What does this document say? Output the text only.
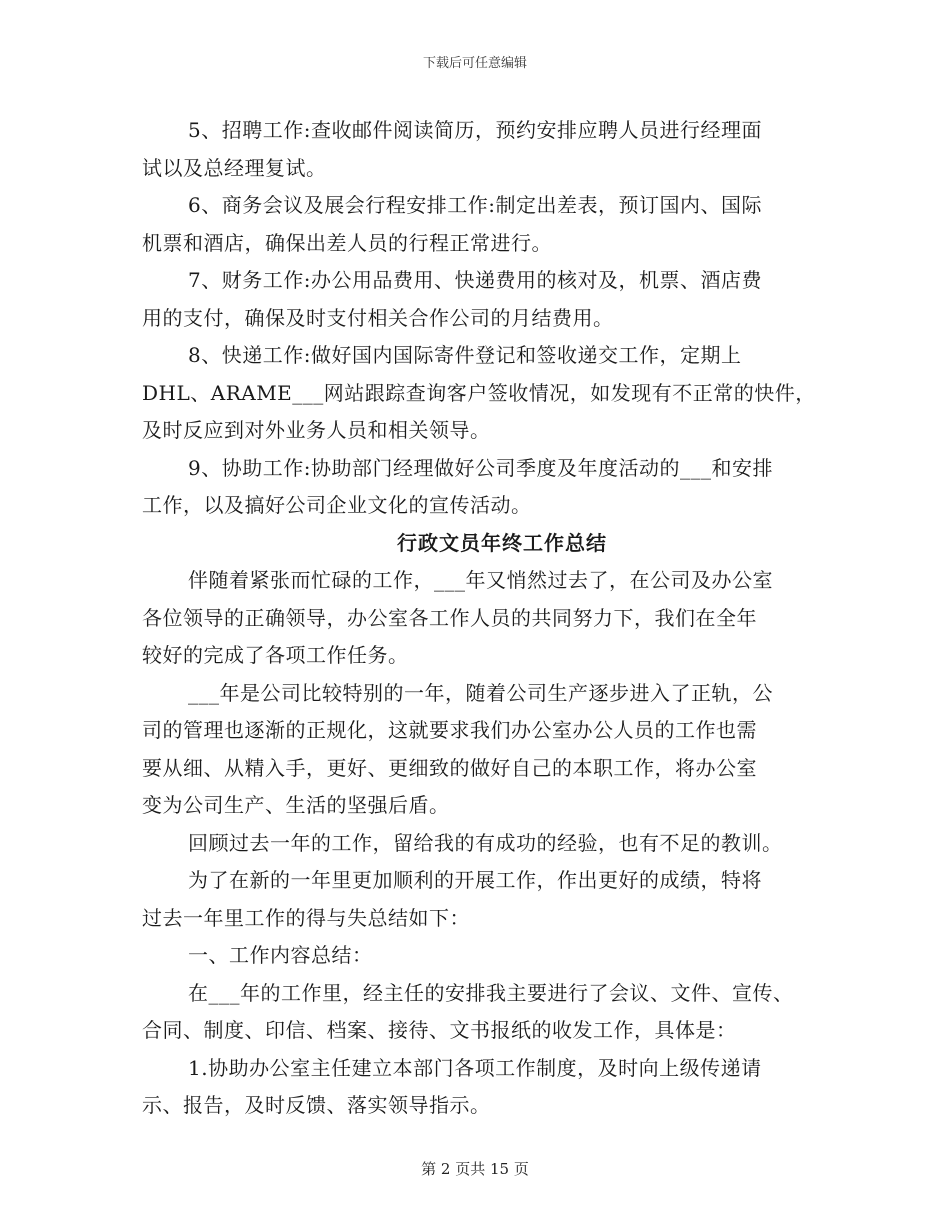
下载后可任意编辑
5、招聘工作:查收邮件阅读简历，预约安排应聘人员进行经理面
试以及总经理复试。
6、商务会议及展会行程安排工作:制定出差表，预订国内、国际
机票和酒店，确保出差人员的行程正常进行。
7、财务工作:办公用品费用、快递费用的核对及，机票、酒店费
用的支付，确保及时支付相关合作公司的月结费用。
8、快递工作:做好国内国际寄件登记和签收递交工作，定期上
DHL、ARAME___网站跟踪查询客户签收情况，如发现有不正常的快件，
及时反应到对外业务人员和相关领导。
9、协助工作:协助部门经理做好公司季度及年度活动的___和安排
工作，以及搞好公司企业文化的宣传活动。
行政文员年终工作总结
伴随着紧张而忙碌的工作，___年又悄然过去了，在公司及办公室
各位领导的正确领导，办公室各工作人员的共同努力下，我们在全年
较好的完成了各项工作任务。
___年是公司比较特别的一年，随着公司生产逐步进入了正轨，公
司的管理也逐渐的正规化，这就要求我们办公室办公人员的工作也需
要从细、从精入手，更好、更细致的做好自己的本职工作，将办公室
变为公司生产、生活的坚强后盾。
回顾过去一年的工作，留给我的有成功的经验，也有不足的教训。
为了在新的一年里更加顺利的开展工作，作出更好的成绩，特将
过去一年里工作的得与失总结如下：
一、工作内容总结：
在___年的工作里，经主任的安排我主要进行了会议、文件、宣传、
合同、制度、印信、档案、接待、文书报纸的收发工作，具体是：
1.协助办公室主任建立本部门各项工作制度，及时向上级传递请
示、报告，及时反馈、落实领导指示。
第 2 页共 15 页
